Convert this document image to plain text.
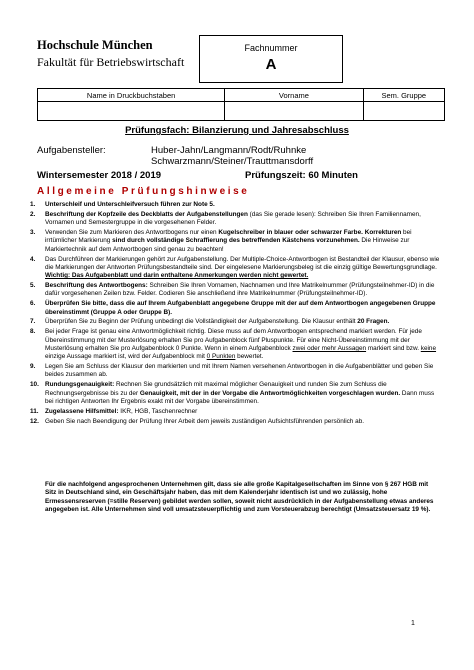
Hochschule München
Fakultät für Betriebswirtschaft
Fachnummer
A
Name in Druckbuchstaben	Vorname	Sem. Gruppe

Prüfungsfach: Bilanzierung und Jahresabschluss
Aufgabensteller:	Huber-Jahn/Langmann/Rodt/Ruhnke
Schwarzmann/Steiner/Trauttmansdorff
Wintersemester 2018 / 2019	Prüfungszeit: 60 Minuten
Allgemeine Prüfungshinweise
1. Unterschleif und Unterschleifversuch führen zur Note 5.
2. Beschriftung der Kopfzeile des Deckblatts der Aufgabenstellungen (das Sie gerade lesen): Schreiben Sie Ihren Familiennamen, Vornamen und Semestergruppe in die vorgesehenen Felder.
3. Verwenden Sie zum Markieren des Antwortbogens nur einen Kugelschreiber in blauer oder schwarzer Farbe. Korrekturen bei irrtümlicher Markierung sind durch vollständige Schraffierung des betreffenden Kästchens vorzunehmen. Die Hinweise zur Markiertechnik auf dem Antwortbogen sind genau zu beachten!
4. Das Durchführen der Markierungen gehört zur Aufgabenstellung. Der Multiple-Choice-Antwortbogen ist Bestandteil der Klausur, ebenso wie die Markierungen der Antworten Prüfungsbestandteile sind. Der eingelesene Markierungsbeleg ist die einzig gültige Bewertungsgrundlage. Wichtig: Das Aufgabenblatt und darin enthaltene Anmerkungen werden nicht gewertet.
5. Beschriftung des Antwortbogens: Schreiben Sie Ihren Vornamen, Nachnamen und Ihre Matrikelnummer (Prüfungsteilnehmer-ID) in die dafür vorgesehenen Zeilen bzw. Felder. Codieren Sie anschließend ihre Matrikelnummer (Prüfungsteilnehmer-ID).
6. Überprüfen Sie bitte, dass die auf Ihrem Aufgabenblatt angegebene Gruppe mit der auf dem Antwortbogen angegebenen Gruppe übereinstimmt (Gruppe A oder Gruppe B).
7. Überprüfen Sie zu Beginn der Prüfung unbedingt die Vollständigkeit der Aufgabenstellung. Die Klausur enthält 20 Fragen.
8. Bei jeder Frage ist genau eine Antwortmöglichkeit richtig. Diese muss auf dem Antwortbogen entsprechend markiert werden. Für jede Übereinstimmung mit der Musterlösung erhalten Sie pro Aufgabenblock fünf Pluspunkte. Für eine Nicht-Übereinstimmung mit der Musterlösung erhalten Sie pro Aufgabenblock 0 Punkte. Wenn in einem Aufgabenblock zwei oder mehr Aussagen markiert sind bzw. keine einzige Aussage markiert ist, wird der Aufgabenblock mit 0 Punkten bewertet.
9. Legen Sie am Schluss der Klausur den markierten und mit Ihrem Namen versehenen Antwortbogen in die Aufgabenblätter und geben Sie beides zusammen ab.
10. Rundungsgenauigkeit: Rechnen Sie grundsätzlich mit maximal möglicher Genauigkeit und runden Sie zum Schluss die Rechnungsergebnisse bis zu der Genauigkeit, mit der in der Vorgabe die Antwortmöglichkeiten vorgeschlagen wurden. Dann muss bei richtigen Antworten Ihr Ergebnis exakt mit der Vorgabe übereinstimmen.
11. Zugelassene Hilfsmittel: IKR, HGB, Taschenrechner
12. Geben Sie nach Beendigung der Prüfung Ihrer Arbeit dem jeweils zuständigen Aufsichtsführenden persönlich ab.
Für die nachfolgend angesprochenen Unternehmen gilt, dass sie alle große Kapitalgesellschaften im Sinne von § 267 HGB mit Sitz in Deutschland sind, ein Geschäftsjahr haben, das mit dem Kalenderjahr identisch ist und wo zulässig, hohe Ermessensreserven (=stille Reserven) gebildet werden sollen, soweit nicht ausdrücklich in der Aufgabenstellung etwas anderes angegeben ist. Alle Unternehmen sind voll umsatzsteuerpflichtig und zum Vorsteuerabzug berechtigt (Umsatzsteuersatz 19 %).
1
